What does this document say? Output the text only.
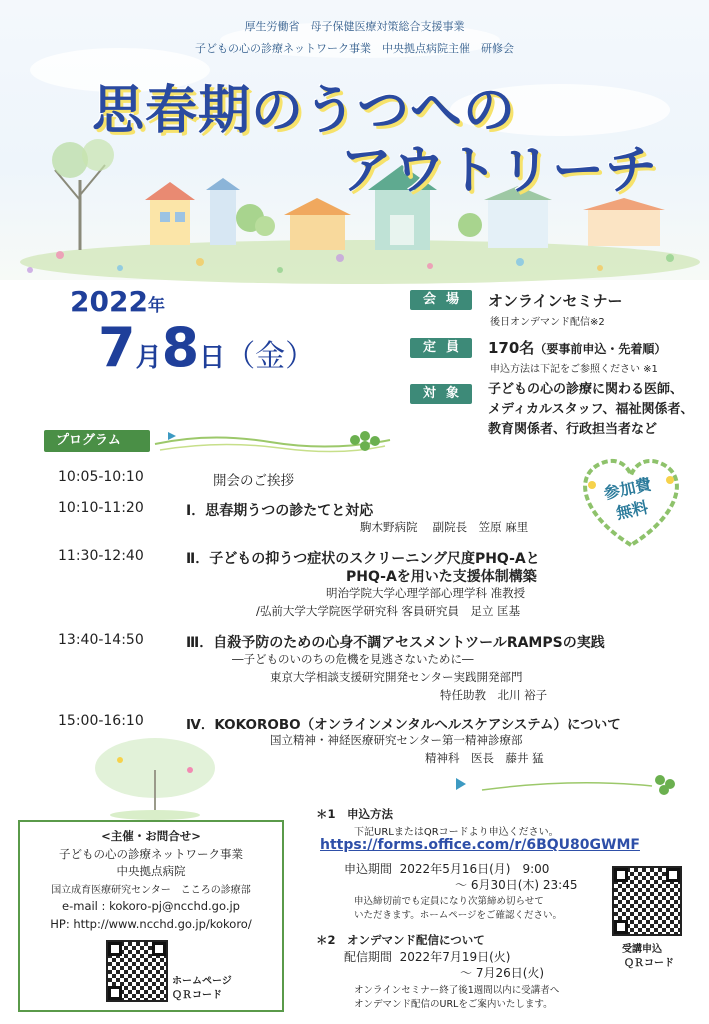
厚生労働省　母子保健医療対策総合支援事業
子どもの心の診療ネットワーク事業　中央拠点病院主催　研修会
思春期のうつへの
アウトリーチ
2022年
7月8日（金）
会場 オンラインセミナー
後日オンデマンド配信※2
定員 170名（要事前申込・先着順）
申込方法は下記をご参照ください ※1
対象 子どもの心の診療に関わる医師、
メディカルスタッフ、福祉関係者、
教育関係者、行政担当者など
プログラム
参加費
無料
10:05-10:10	開会のご挨拶
10:10-11:20	Ⅰ．思春期うつの診たてと対応
駒木野病院　 副院長　笠原 麻里
11:30-12:40	Ⅱ．子どもの抑うつ症状のスクリーニング尺度PHQ-Aと
PHQ-Aを用いた支援体制構築
明治学院大学心理学部心理学科 准教授
/弘前大学大学院医学研究科 客員研究員　足立 匡基
13:40-14:50	Ⅲ．自殺予防のための心身不調アセスメントツールRAMPSの実践
―子どものいのちの危機を見逃さないために―
東京大学相談支援研究開発センター実践開発部門
特任助教　北川 裕子
15:00-16:10	Ⅳ．KOKOROBO（オンラインメンタルヘルスケアシステム）について
国立精神・神経医療研究センター第一精神診療部
精神科　医長　藤井 猛
<主催・お問合せ>
子どもの心の診療ネットワーク事業
中央拠点病院
国立成育医療研究センター　こころの診療部
e-mail : kokoro-pj@ncchd.go.jp
HP: http://www.ncchd.go.jp/kokoro/
ホームページ
ＱＲコード
＊1　申込方法
下記URLまたはQRコードより申込ください。
https://forms.office.com/r/6BQU80GWMF
申込期間 2022年5月16日(月)　9:00
～ 6月30日(木) 23:45
申込締切前でも定員になり次第締め切らせて
いただきます。ホームページをご確認ください。
受講申込
ＱＲコード
＊2　オンデマンド配信について
配信期間 2022年7月19日(火)
～ 7月26日(火)
オンラインセミナー終了後1週間以内に受講者へ
オンデマンド配信のURLをご案内いたします。
